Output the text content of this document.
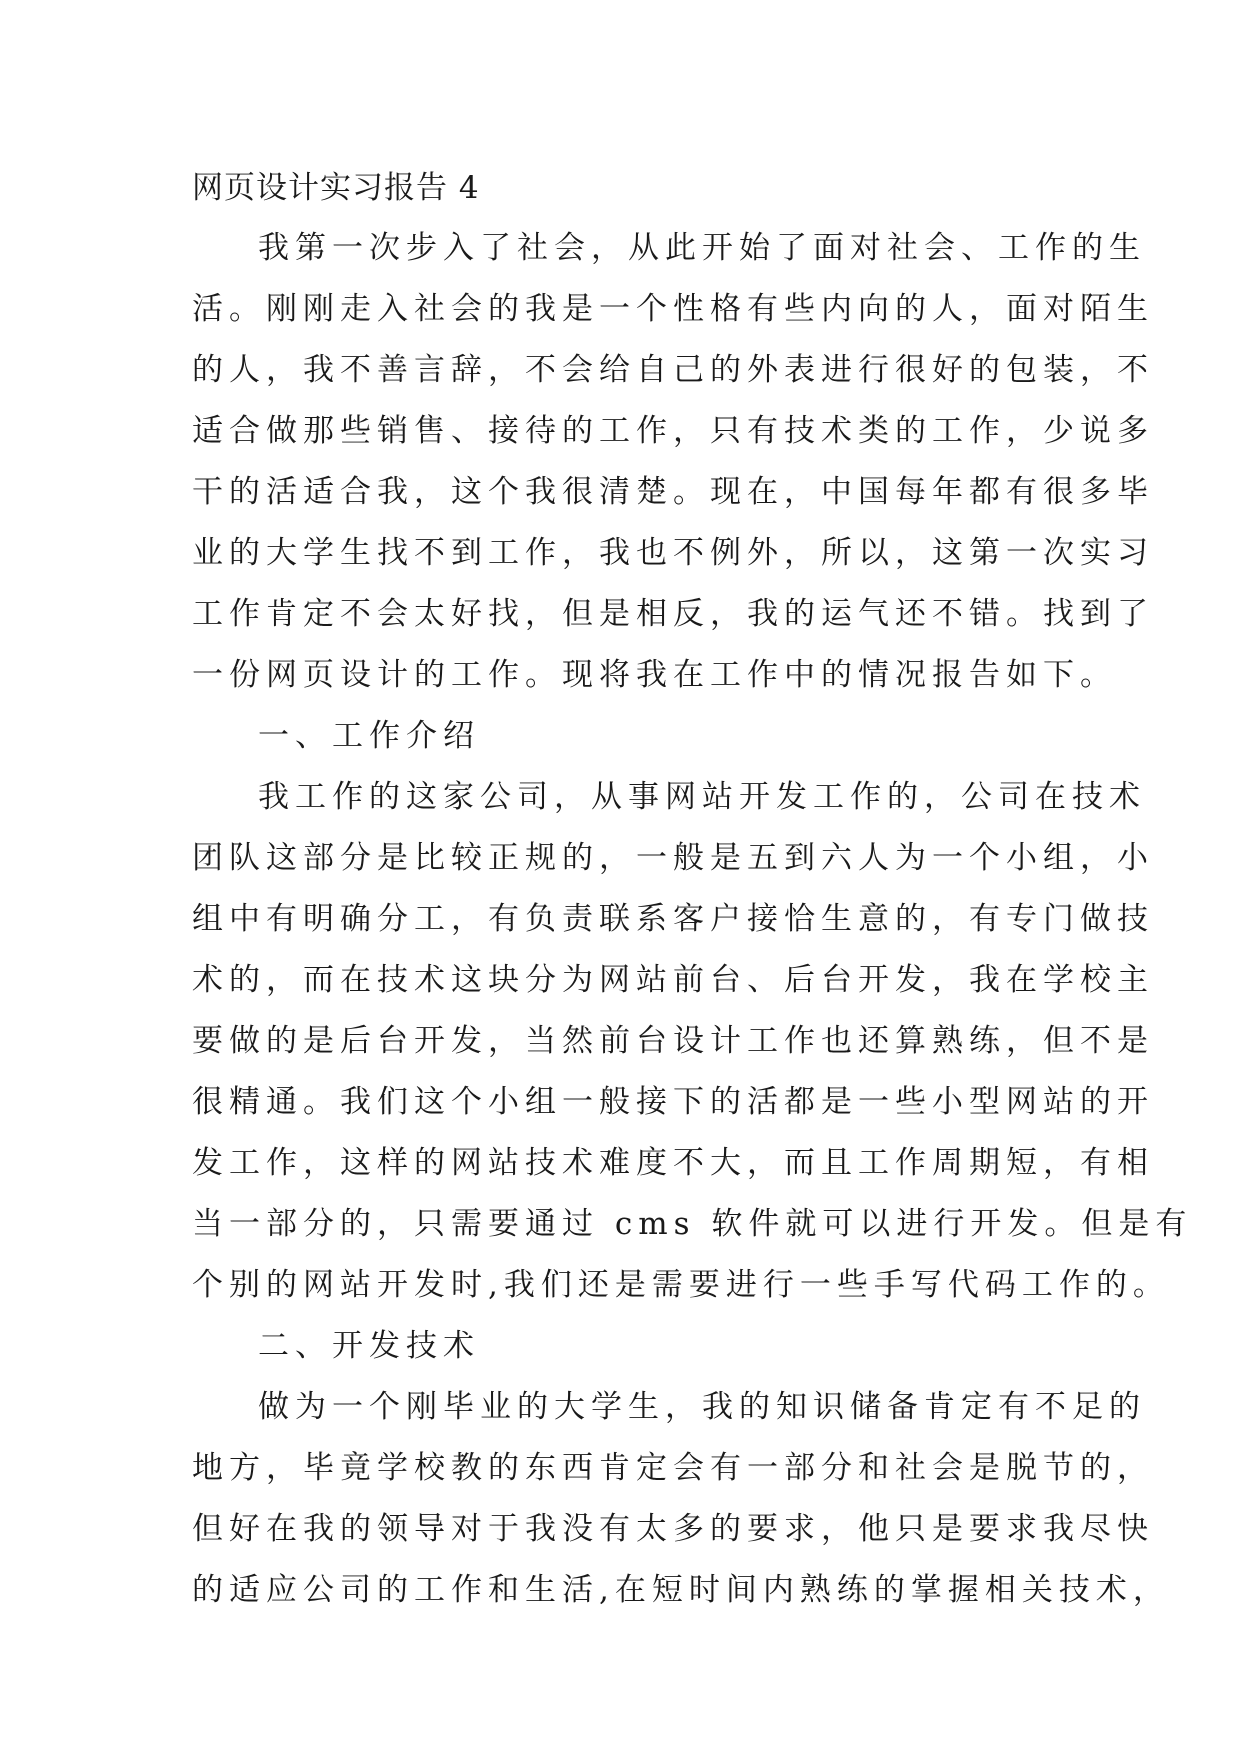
网页设计实习报告 4
我第一次步入了社会，从此开始了面对社会、工作的生
活。刚刚走入社会的我是一个性格有些内向的人，面对陌生
的人，我不善言辞，不会给自己的外表进行很好的包装，不
适合做那些销售、接待的工作，只有技术类的工作，少说多
干的活适合我，这个我很清楚。现在，中国每年都有很多毕
业的大学生找不到工作，我也不例外，所以，这第一次实习
工作肯定不会太好找，但是相反，我的运气还不错。找到了
一份网页设计的工作。现将我在工作中的情况报告如下。
一、工作介绍
我工作的这家公司，从事网站开发工作的，公司在技术
团队这部分是比较正规的，一般是五到六人为一个小组，小
组中有明确分工，有负责联系客户接恰生意的，有专门做技
术的，而在技术这块分为网站前台、后台开发，我在学校主
要做的是后台开发，当然前台设计工作也还算熟练，但不是
很精通。我们这个小组一般接下的活都是一些小型网站的开
发工作，这样的网站技术难度不大，而且工作周期短，有相
当一部分的，只需要通过 cms 软件就可以进行开发。但是有
个别的网站开发时,我们还是需要进行一些手写代码工作的。
二、开发技术
做为一个刚毕业的大学生，我的知识储备肯定有不足的
地方，毕竟学校教的东西肯定会有一部分和社会是脱节的，
但好在我的领导对于我没有太多的要求，他只是要求我尽快
的适应公司的工作和生活,在短时间内熟练的掌握相关技术，
